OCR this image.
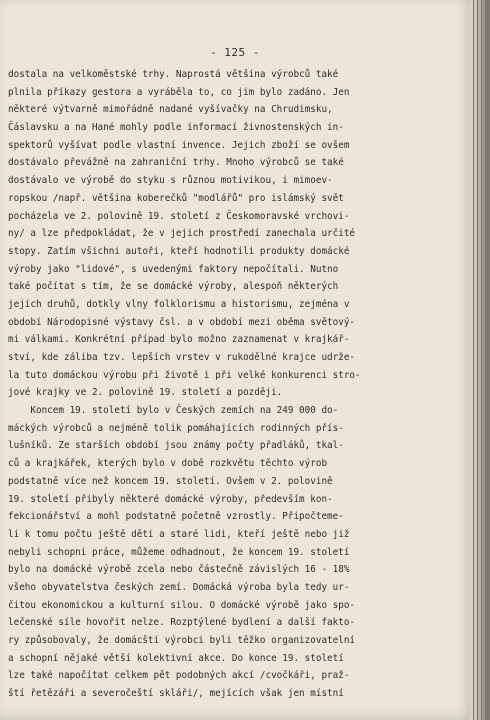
- 125 -
dostala na velkoměstské trhy. Naprostá většina výrobců také
plnila příkazy gestora a vyráběla to, co jim bylo zadáno. Jen
některé výtvarně mimořádně nadané vyšívačky na Chrudimsku,
Čáslavsku a na Hané mohly podle informací živnostenských in-
spektorů vyšívat podle vlastní invence. Jejich zboží se ovšem
dostávalo převážně na zahraniční trhy. Mnoho výrobců se také
dostávalo ve výrobě do styku s různou motivikou, i mimoev-
ropskou /např. většina koberečků "modlářů" pro islámský svět
pocházela ve 2. polovině 19. století z Českomoravské vrchovi-
ny/ a lze předpokládat, že v jejich prostředí zanechala určité
stopy. Zatím všichni autoři, kteří hodnotili produkty domácké
výroby jako "lidové", s uvedenými faktory nepočítali. Nutno
také počítat s tím, že se domácké výroby, alespoň některých
jejich druhů, dotkly vlny folklorismu a historismu, zejména v
období Národopisné výstavy čsl. a v období mezi oběma světový-
mi válkami. Konkrétní případ bylo možno zaznamenat v krajkář-
ství, kde záliba tzv. lepších vrstev v rukodělné krajce udrže-
la tuto domáckou výrobu při životě i při velké konkurenci stro-
jové krajky ve 2. polovině 19. století a později.
Koncem 19. století bylo v Českých zemích na 249 000 do-
máckých výrobců a nejméně tolik pomáhajících rodinných přís-
lušníků. Ze starších období jsou známy počty přadláků, tkal-
ců a krajkářek, kterých bylo v době rozkvětu těchto výrob
podstatně více než koncem 19. století. Ovšem v 2. polovině
19. století přibyly některé domácké výroby, především kon-
fekcionářství a mohl podstatně početně vzrostly. Připočteme-
li k tomu počtu ještě děti a staré lidi, kteří ještě nebo již
nebyli schopni práce, můžeme odhadnout, že koncem 19. století
bylo na domácké výrobě zcela nebo částečně závislých 16 - 18%
všeho obyvatelstva českých zemí. Domácká výroba byla tedy ur-
čitou ekonomickou a kulturní silou. O domácké výrobě jako spo-
lečenské síle hovořit nelze. Rozptýlené bydlení a další fakto-
ry způsobovaly, že domácští výrobci byli těžko organizovatelní
a schopní nějaké větší kolektivní akce. Do konce 19. století
lze také napočítat celkem pět podobných akcí /cvočkáři, praž-
ští řetězáři a severočeští skláři/, mejících však jen místní
